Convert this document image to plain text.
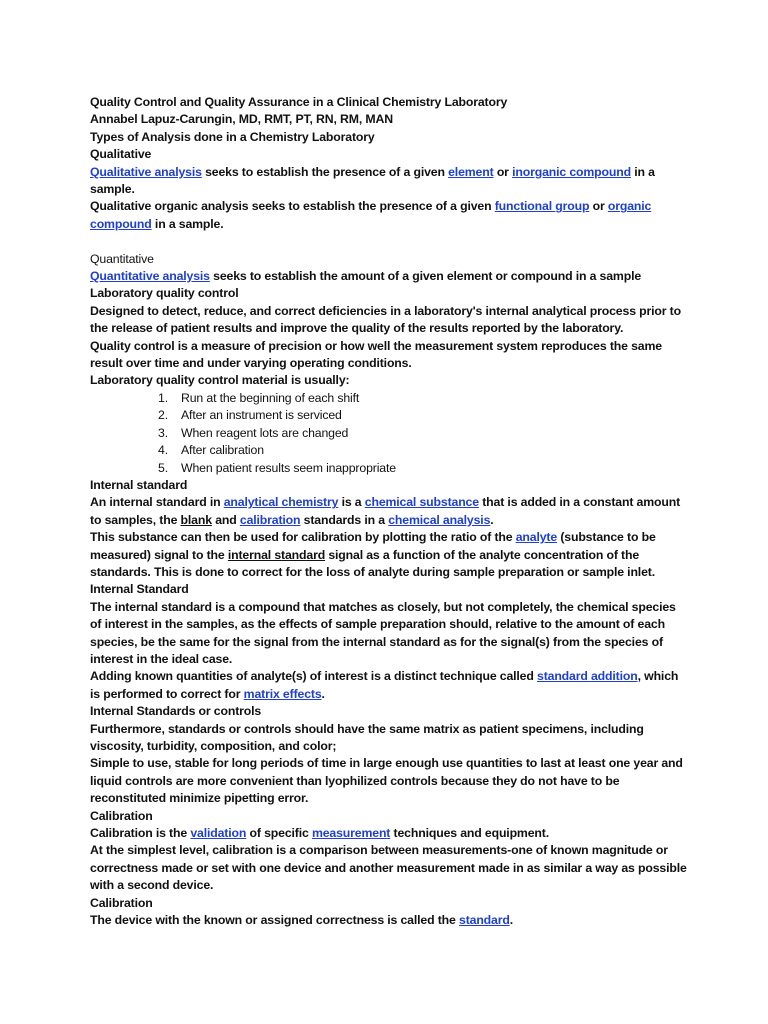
Quality Control and Quality Assurance in a Clinical Chemistry Laboratory
Annabel Lapuz-Carungin, MD, RMT, PT, RN, RM, MAN
Types of Analysis done in a Chemistry Laboratory
Qualitative
Qualitative analysis seeks to establish the presence of a given element or inorganic compound in a sample.
Qualitative organic analysis seeks to establish the presence of a given functional group or organic compound in a sample.
Quantitative
Quantitative analysis seeks to establish the amount of a given element or compound in a sample
Laboratory quality control
Designed to detect, reduce, and correct deficiencies in a laboratory's internal analytical process prior to the release of patient results and improve the quality of the results reported by the laboratory.
Quality control is a measure of precision or how well the measurement system reproduces the same result over time and under varying operating conditions.
Laboratory quality control material is usually:
1. Run at the beginning of each shift
2. After an instrument is serviced
3. When reagent lots are changed
4. After calibration
5. When patient results seem inappropriate
Internal standard
An internal standard in analytical chemistry is a chemical substance that is added in a constant amount to samples, the blank and calibration standards in a chemical analysis.
This substance can then be used for calibration by plotting the ratio of the analyte (substance to be measured) signal to the internal standard signal as a function of the analyte concentration of the standards. This is done to correct for the loss of analyte during sample preparation or sample inlet.
Internal Standard
The internal standard is a compound that matches as closely, but not completely, the chemical species of interest in the samples, as the effects of sample preparation should, relative to the amount of each species, be the same for the signal from the internal standard as for the signal(s) from the species of interest in the ideal case.
Adding known quantities of analyte(s) of interest is a distinct technique called standard addition, which is performed to correct for matrix effects.
Internal Standards or controls
Furthermore, standards or controls should have the same matrix as patient specimens, including viscosity, turbidity, composition, and color;
Simple to use, stable for long periods of time in large enough use quantities to last at least one year and liquid controls are more convenient than lyophilized controls because they do not have to be reconstituted minimize pipetting error.
Calibration
Calibration is the validation of specific measurement techniques and equipment.
At the simplest level, calibration is a comparison between measurements-one of known magnitude or correctness made or set with one device and another measurement made in as similar a way as possible with a second device.
Calibration
The device with the known or assigned correctness is called the standard.
